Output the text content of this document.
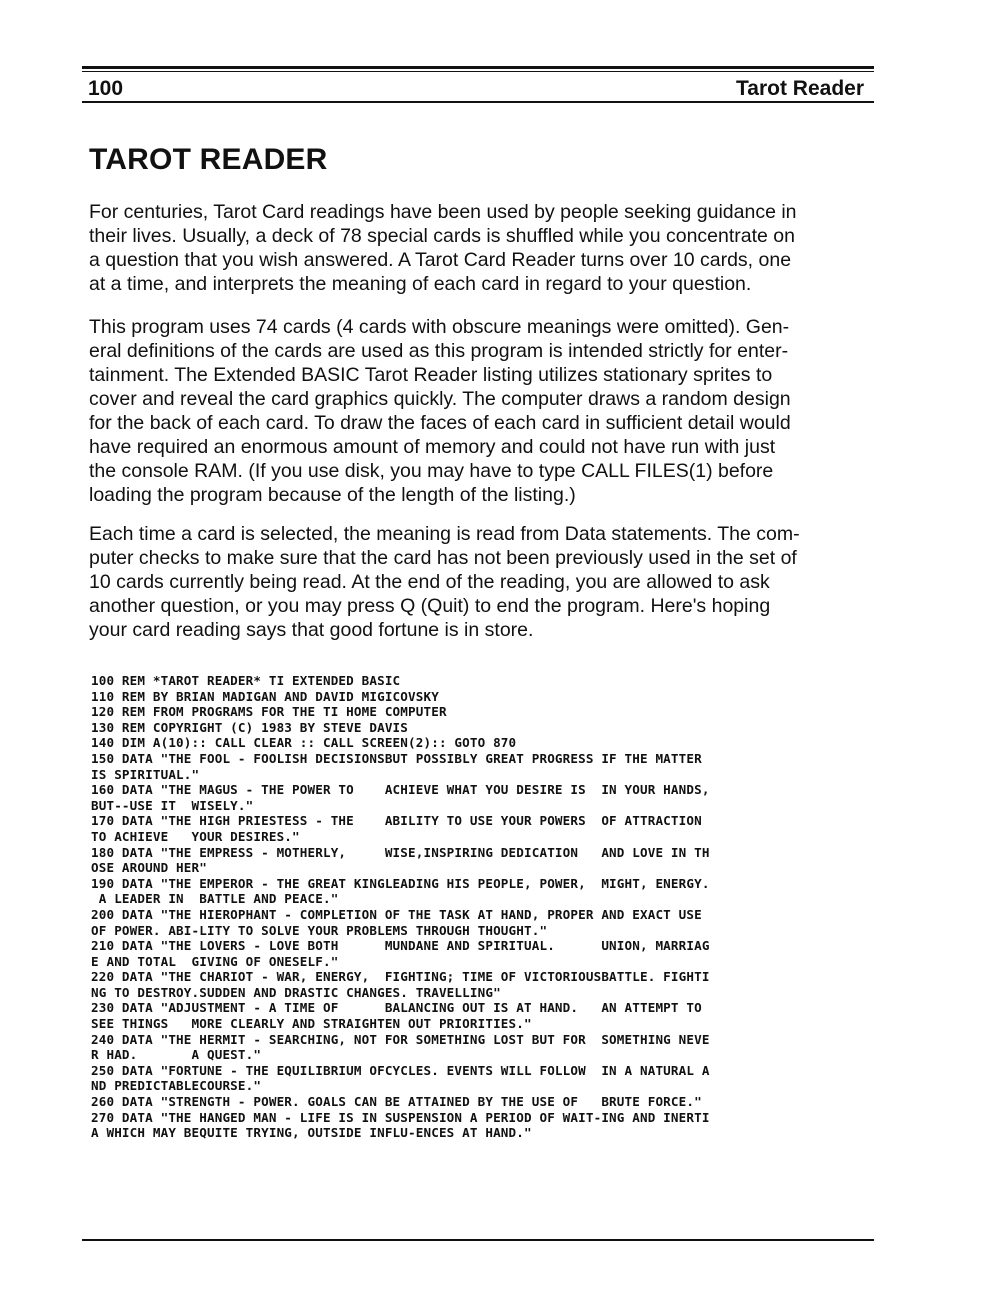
100	Tarot Reader
TAROT READER
For centuries, Tarot Card readings have been used by people seeking guidance in
their lives. Usually, a deck of 78 special cards is shuffled while you concentrate on
a question that you wish answered. A Tarot Card Reader turns over 10 cards, one
at a time, and interprets the meaning of each card in regard to your question.
This program uses 74 cards (4 cards with obscure meanings were omitted). Gen-
eral definitions of the cards are used as this program is intended strictly for enter-
tainment. The Extended BASIC Tarot Reader listing utilizes stationary sprites to
cover and reveal the card graphics quickly. The computer draws a random design
for the back of each card. To draw the faces of each card in sufficient detail would
have required an enormous amount of memory and could not have run with just
the console RAM. (If you use disk, you may have to type CALL FILES(1) before
loading the program because of the length of the listing.)
Each time a card is selected, the meaning is read from Data statements. The com-
puter checks to make sure that the card has not been previously used in the set of
10 cards currently being read. At the end of the reading, you are allowed to ask
another question, or you may press Q (Quit) to end the program. Here's hoping
your card reading says that good fortune is in store.
100 REM *TAROT READER* TI EXTENDED BASIC
110 REM BY BRIAN MADIGAN AND DAVID MIGICOVSKY
120 REM FROM PROGRAMS FOR THE TI HOME COMPUTER
130 REM COPYRIGHT (C) 1983 BY STEVE DAVIS
140 DIM A(10):: CALL CLEAR :: CALL SCREEN(2):: GOTO 870
150 DATA "THE FOOL - FOOLISH DECISIONSBUT POSSIBLY GREAT PROGRESS IF THE MATTER
IS SPIRITUAL."
160 DATA "THE MAGUS - THE POWER TO    ACHIEVE WHAT YOU DESIRE IS  IN YOUR HANDS,
BUT--USE IT  WISELY."
170 DATA "THE HIGH PRIESTESS - THE    ABILITY TO USE YOUR POWERS  OF ATTRACTION
TO ACHIEVE   YOUR DESIRES."
180 DATA "THE EMPRESS - MOTHERLY,     WISE,INSPIRING DEDICATION   AND LOVE IN TH
OSE AROUND HER"
190 DATA "THE EMPEROR - THE GREAT KINGLEADING HIS PEOPLE, POWER,  MIGHT, ENERGY.
A LEADER IN  BATTLE AND PEACE."
200 DATA "THE HIEROPHANT - COMPLETION OF THE TASK AT HAND, PROPER AND EXACT USE
OF POWER. ABI-LITY TO SOLVE YOUR PROBLEMS THROUGH THOUGHT."
210 DATA "THE LOVERS - LOVE BOTH      MUNDANE AND SPIRITUAL.      UNION, MARRIAG
E AND TOTAL  GIVING OF ONESELF."
220 DATA "THE CHARIOT - WAR, ENERGY,  FIGHTING; TIME OF VICTORIOUSBATTLE. FIGHTI
NG TO DESTROY.SUDDEN AND DRASTIC CHANGES. TRAVELLING"
230 DATA "ADJUSTMENT - A TIME OF      BALANCING OUT IS AT HAND.   AN ATTEMPT TO
SEE THINGS   MORE CLEARLY AND STRAIGHTEN OUT PRIORITIES."
240 DATA "THE HERMIT - SEARCHING, NOT FOR SOMETHING LOST BUT FOR  SOMETHING NEVE
R HAD.       A QUEST."
250 DATA "FORTUNE - THE EQUILIBRIUM OFCYCLES. EVENTS WILL FOLLOW  IN A NATURAL A
ND PREDICTABLECOURSE."
260 DATA "STRENGTH - POWER. GOALS CAN BE ATTAINED BY THE USE OF   BRUTE FORCE."
270 DATA "THE HANGED MAN - LIFE IS IN SUSPENSION A PERIOD OF WAIT-ING AND INERTI
A WHICH MAY BEQUITE TRYING, OUTSIDE INFLU-ENCES AT HAND."
